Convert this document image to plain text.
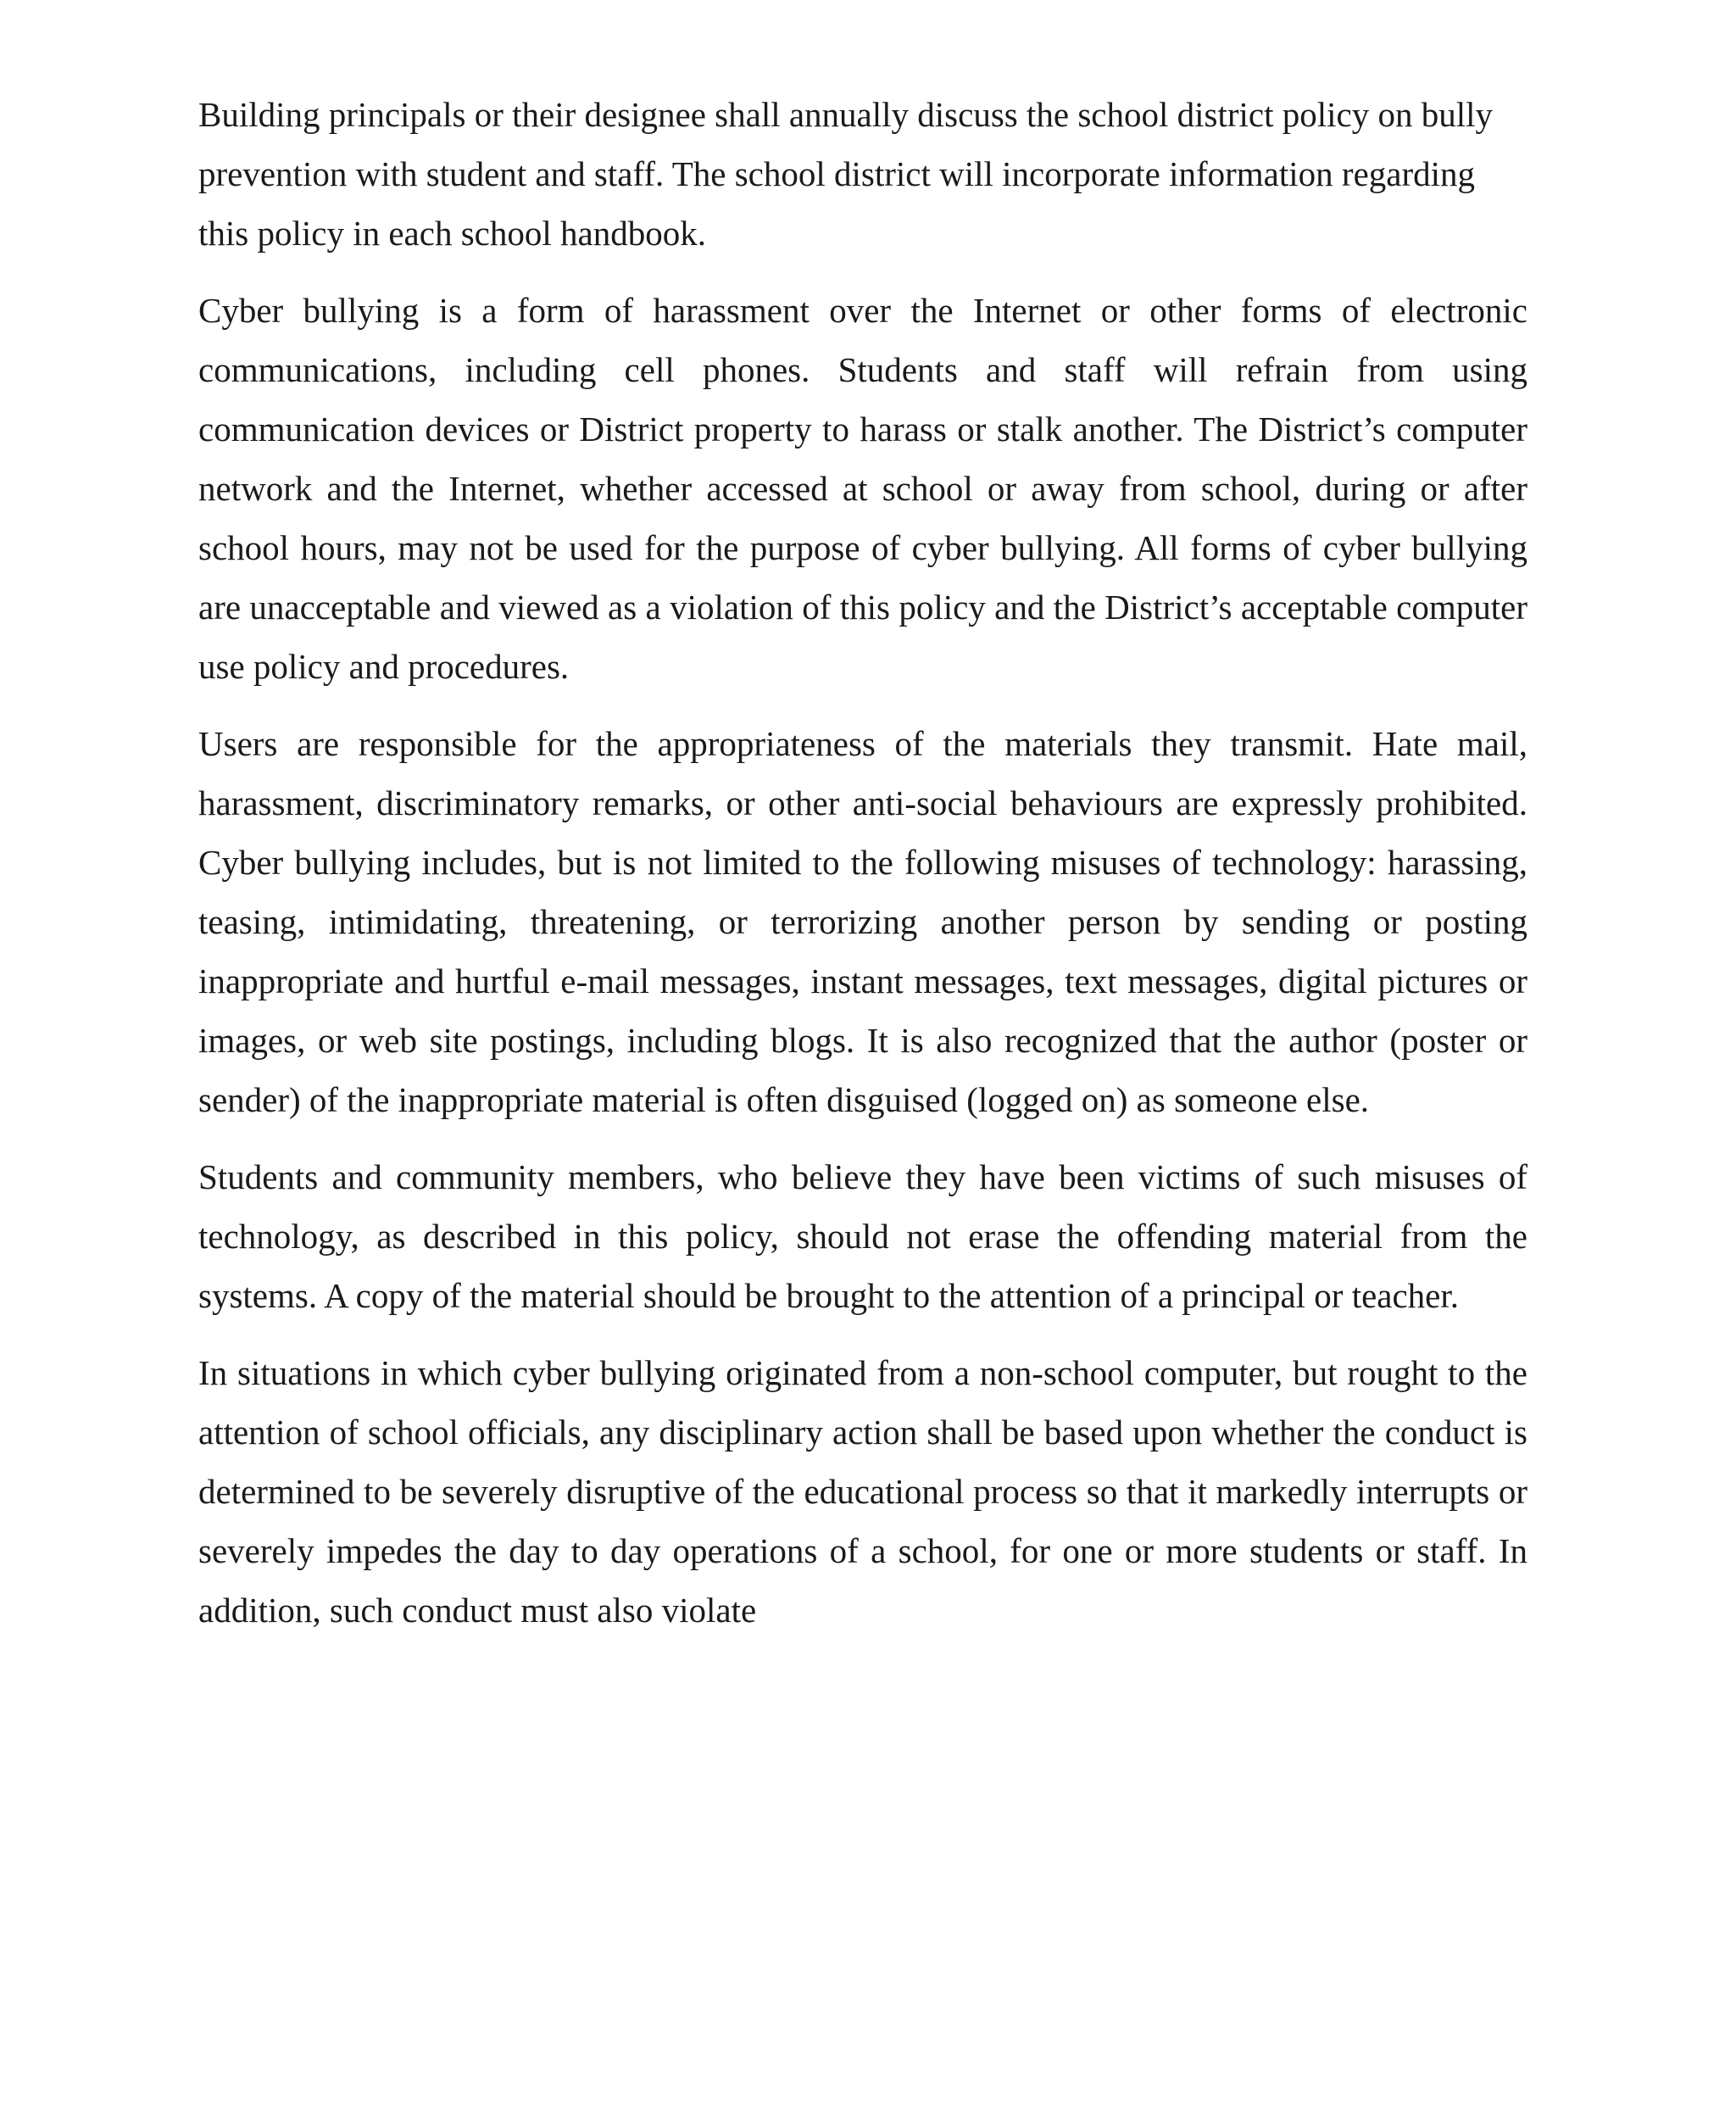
Building principals or their designee shall annually discuss the school district policy on bully prevention with student and staff. The school district will incorporate information regarding this policy in each school handbook.

Cyber bullying is a form of harassment over the Internet or other forms of electronic communications, including cell phones. Students and staff will refrain from using communication devices or District property to harass or stalk another. The District’s computer network and the Internet, whether accessed at school or away from school, during or after school hours, may not be used for the purpose of cyber bullying. All forms of cyber bullying are unacceptable and viewed as a violation of this policy and the District’s acceptable computer use policy and procedures.

Users are responsible for the appropriateness of the materials they transmit. Hate mail, harassment, discriminatory remarks, or other anti-social behaviours are expressly prohibited. Cyber bullying includes, but is not limited to the following misuses of technology: harassing, teasing, intimidating, threatening, or terrorizing another person by sending or posting inappropriate and hurtful e-mail messages, instant messages, text messages, digital pictures or images, or web site postings, including blogs. It is also recognized that the author (poster or sender) of the inappropriate material is often disguised (logged on) as someone else.

Students and community members, who believe they have been victims of such misuses of technology, as described in this policy, should not erase the offending material from the systems. A copy of the material should be brought to the attention of a principal or teacher.

In situations in which cyber bullying originated from a non-school computer, but rought to the attention of school officials, any disciplinary action shall be based upon whether the conduct is determined to be severely disruptive of the educational process so that it markedly interrupts or severely impedes the day to day operations of a school, for one or more students or staff. In addition, such conduct must also violate
